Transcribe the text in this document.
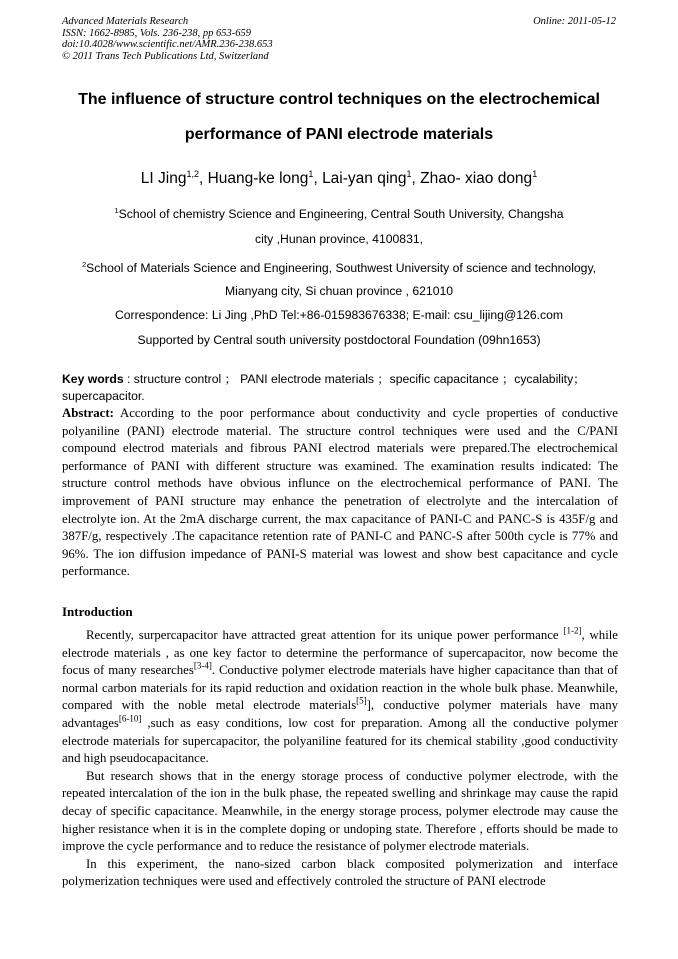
Advanced Materials Research
ISSN: 1662-8985, Vols. 236-238, pp 653-659
doi:10.4028/www.scientific.net/AMR.236-238.653
© 2011 Trans Tech Publications Ltd, Switzerland
Online: 2011-05-12
The influence of structure control techniques on the electrochemical
performance of PANI electrode materials
LI Jing$^{1,2}$, Huang-ke long$^1$, Lai-yan qing$^1$, Zhao- xiao dong$^1$
$^1$School of chemistry Science and Engineering, Central South University, Changsha
city ,Hunan province, 4100831,
$^2$School of Materials Science and Engineering, Southwest University of science and technology,
Mianyang city, Si chuan province , 621010
Correspondence: Li Jing ,PhD Tel:+86-015983676338; E-mail: csu_lijing@126.com
Supported by Central south university postdoctoral Foundation (09hn1653)
Key words : structure control ； PANI electrode materials ；specific capacitance ；cycalability；supercapacitor.

Abstract: According to the poor performance about conductivity and cycle properties of conductive polyaniline (PANI) electrode material. The structure control techniques were used and the C/PANI compound electrod materials and fibrous PANI electrod materials were prepared.The electrochemical performance of PANI with different structure was examined. The examination results indicated: The structure control methods have obvious influnce on the electrochemical performance of PANI. The improvement of PANI structure may enhance the penetration of electrolyte and the intercalation of electrolyte ion. At the 2mA discharge current, the max capacitance of PANI-C and PANC-S is 435F/g and 387F/g, respectively .The capacitance retention rate of PANI-C and PANC-S after 500th cycle is 77% and 96%. The ion diffusion impedance of PANI-S material was lowest and show best capacitance and cycle performance.

Introduction

Recently, surpercapacitor have attracted great attention for its unique power performance [1-2], while electrode materials , as one key factor to determine the performance of supercapacitor, now become the focus of many researches[3-4]. Conductive polymer electrode materials have higher capacitance than that of normal carbon materials for its rapid reduction and oxidation reaction in the whole bulk phase. Meanwhile, compared with the noble metal electrode materials[5]], conductive polymer materials have many advantages[6-10] ,such as easy conditions, low cost for preparation. Among all the conductive polymer electrode materials for supercapacitor, the polyaniline featured for its chemical stability ,good conductivity and high pseudocapacitance.

But research shows that in the energy storage process of conductive polymer electrode, with the repeated intercalation of the ion in the bulk phase, the repeated swelling and shrinkage may cause the rapid decay of specific capacitance. Meanwhile, in the energy storage process, polymer electrode may cause the higher resistance when it is in the complete doping or undoping state. Therefore , efforts should be made to improve the cycle performance and to reduce the resistance of polymer electrode materials.

In this experiment, the nano-sized carbon black composited polymerization and interface polymerization techniques were used and effectively controled the structure of PANI electrode
